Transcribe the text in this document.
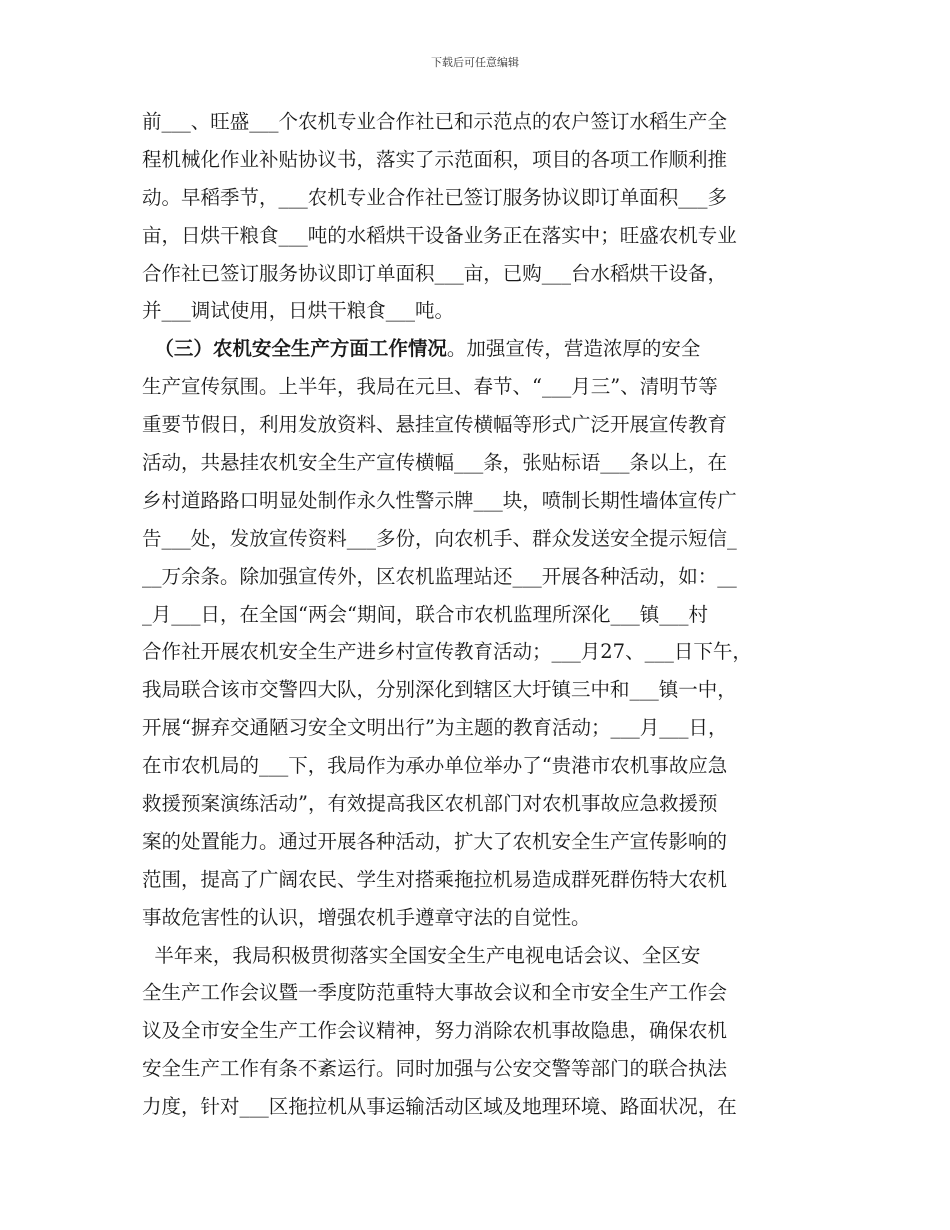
下载后可任意编辑
前___、旺盛___个农机专业合作社已和示范点的农户签订水稻生产全
程机械化作业补贴协议书，落实了示范面积，项目的各项工作顺利推
动。早稻季节，___农机专业合作社已签订服务协议即订单面积___多
亩，日烘干粮食___吨的水稻烘干设备业务正在落实中；旺盛农机专业
合作社已签订服务协议即订单面积___亩，已购___台水稻烘干设备，
并___调试使用，日烘干粮食___吨。
（三）农机安全生产方面工作情况。加强宣传，营造浓厚的安全
生产宣传氛围。上半年，我局在元旦、春节、“___月三”、清明节等
重要节假日，利用发放资料、悬挂宣传横幅等形式广泛开展宣传教育
活动，共悬挂农机安全生产宣传横幅___条，张贴标语___条以上，在
乡村道路路口明显处制作永久性警示牌___块，喷制长期性墙体宣传广
告___处，发放宣传资料___多份，向农机手、群众发送安全提示短信_
__万余条。除加强宣传外，区农机监理站还___开展各种活动，如：__
_月___日，在全国“两会“期间，联合市农机监理所深化___镇___村
合作社开展农机安全生产进乡村宣传教育活动；___月27、___日下午，
我局联合该市交警四大队，分别深化到辖区大圩镇三中和___镇一中，
开展“摒弃交通陋习安全文明出行”为主题的教育活动；___月___日，
在市农机局的___下，我局作为承办单位举办了“贵港市农机事故应急
救援预案演练活动”，有效提高我区农机部门对农机事故应急救援预
案的处置能力。通过开展各种活动，扩大了农机安全生产宣传影响的
范围，提高了广阔农民、学生对搭乘拖拉机易造成群死群伤特大农机
事故危害性的认识，增强农机手遵章守法的自觉性。
半年来，我局积极贯彻落实全国安全生产电视电话会议、全区安
全生产工作会议暨一季度防范重特大事故会议和全市安全生产工作会
议及全市安全生产工作会议精神，努力消除农机事故隐患，确保农机
安全生产工作有条不紊运行。同时加强与公安交警等部门的联合执法
力度，针对___区拖拉机从事运输活动区域及地理环境、路面状况，在
